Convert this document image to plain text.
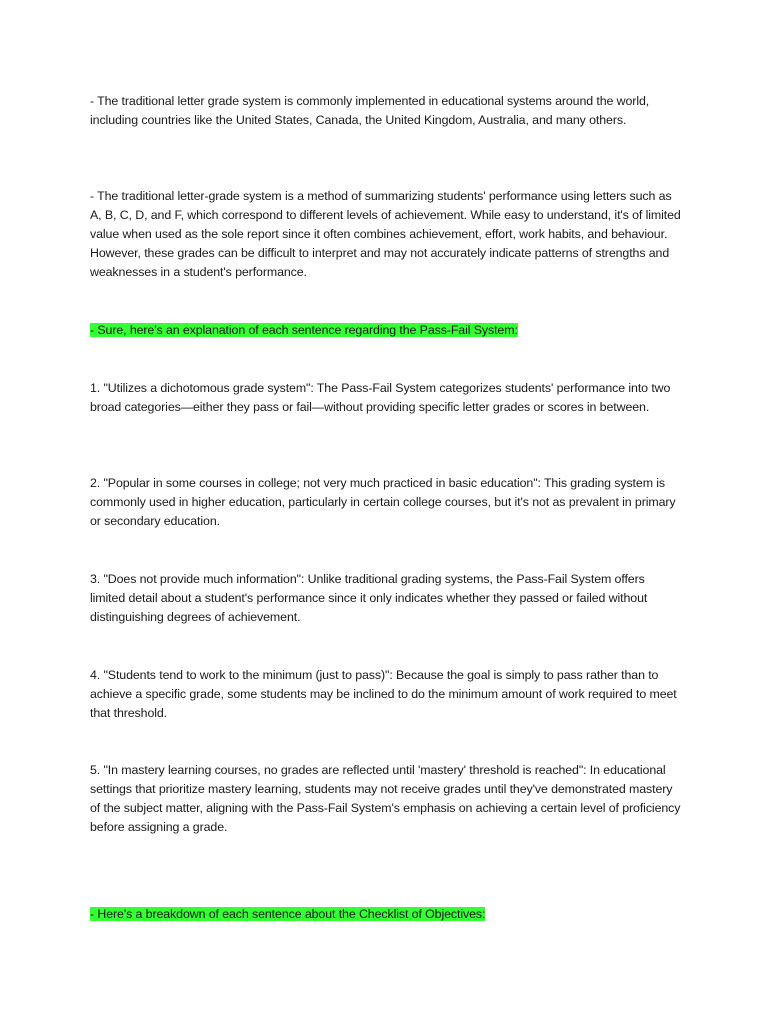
- The traditional letter grade system is commonly implemented in educational systems around the world, including countries like the United States, Canada, the United Kingdom, Australia, and many others.

- The traditional letter-grade system is a method of summarizing students' performance using letters such as A, B, C, D, and F, which correspond to different levels of achievement. While easy to understand, it's of limited value when used as the sole report since it often combines achievement, effort, work habits, and behaviour. However, these grades can be difficult to interpret and may not accurately indicate patterns of strengths and weaknesses in a student's performance.

- Sure, here's an explanation of each sentence regarding the Pass-Fail System:

1. "Utilizes a dichotomous grade system": The Pass-Fail System categorizes students' performance into two broad categories—either they pass or fail—without providing specific letter grades or scores in between.

2. "Popular in some courses in college; not very much practiced in basic education": This grading system is commonly used in higher education, particularly in certain college courses, but it's not as prevalent in primary or secondary education.

3. "Does not provide much information": Unlike traditional grading systems, the Pass-Fail System offers limited detail about a student's performance since it only indicates whether they passed or failed without distinguishing degrees of achievement.

4. "Students tend to work to the minimum (just to pass)": Because the goal is simply to pass rather than to achieve a specific grade, some students may be inclined to do the minimum amount of work required to meet that threshold.

5. "In mastery learning courses, no grades are reflected until 'mastery' threshold is reached": In educational settings that prioritize mastery learning, students may not receive grades until they've demonstrated mastery of the subject matter, aligning with the Pass-Fail System's emphasis on achieving a certain level of proficiency before assigning a grade.

- Here's a breakdown of each sentence about the Checklist of Objectives:
